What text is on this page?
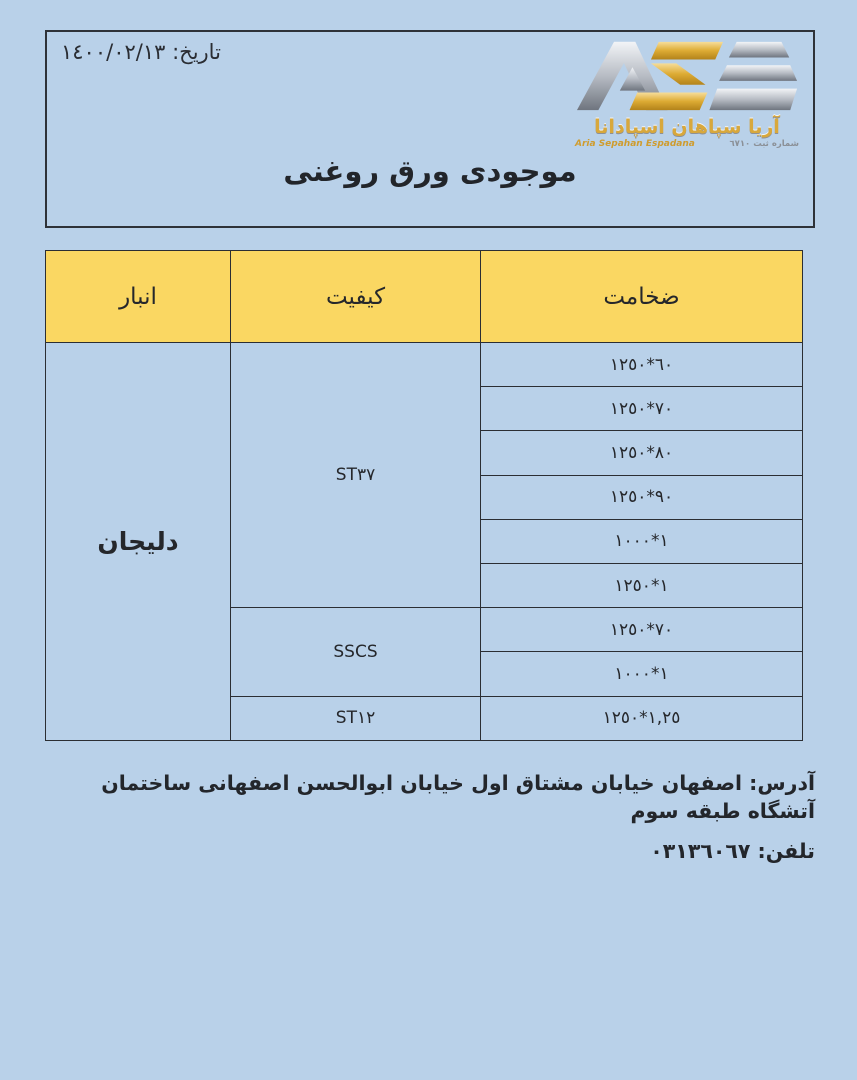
تاريخ: ١٤٠٠/٠٢/١٣
آریا سپاهان اسپادانا
Aria Sepahan Espadana	شماره ثبت ٦٧١٠
موجودی ورق روغنی
ضخامت	کیفیت	انبار
٦٠*١٢٥٠	ST٣٧	دلیجان
٧٠*١٢٥٠		
٨٠*١٢٥٠		
٩٠*١٢٥٠		
١*١٠٠٠		
١*١٢٥٠		
٧٠*١٢٥٠	SSCS	
١*١٠٠٠		
١,٢٥*١٢٥٠	ST١٢	
آدرس: اصفهان خیابان مشتاق اول خیابان ابوالحسن اصفهانی ساختمان آتشگاه طبقه سوم
تلفن: ٠٣١٣٦٠٦٧
